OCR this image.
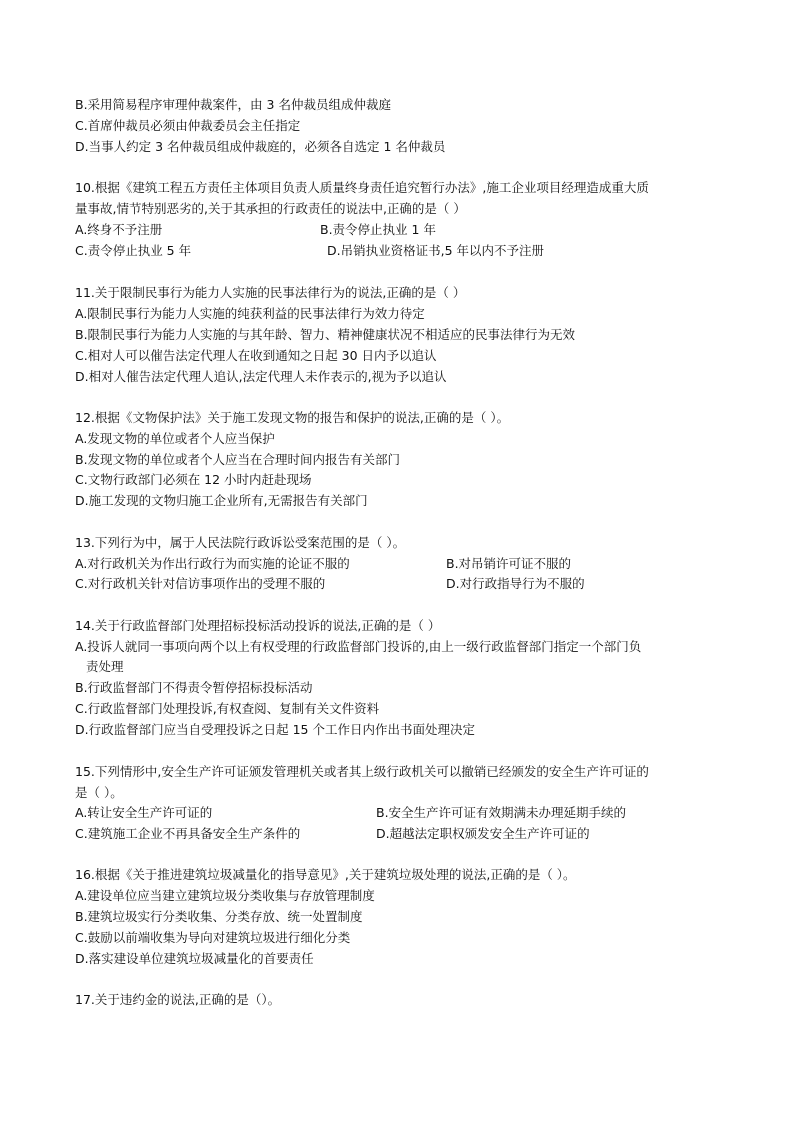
B.采用简易程序审理仲裁案件，由 3 名仲裁员组成仲裁庭
C.首席仲裁员必须由仲裁委员会主任指定
D.当事人约定 3 名仲裁员组成仲裁庭的，必须各自选定 1 名仲裁员
10.根据《建筑工程五方责任主体项目负责人质量终身责任追究暂行办法》,施工企业项目经理造成重大质
量事故,情节特别恶劣的,关于其承担的行政责任的说法中,正确的是（ ）
A.终身不予注册	B.责令停止执业 1 年
C.责令停止执业 5 年	D.吊销执业资格证书,5 年以内不予注册
11.关于限制民事行为能力人实施的民事法律行为的说法,正确的是（ ）
A.限制民事行为能力人实施的纯获利益的民事法律行为效力待定
B.限制民事行为能力人实施的与其年龄、智力、精神健康状况不相适应的民事法律行为无效
C.相对人可以催告法定代理人在收到通知之日起 30 日内予以追认
D.相对人催告法定代理人追认,法定代理人未作表示的,视为予以追认
12.根据《文物保护法》关于施工发现文物的报告和保护的说法,正确的是（ ）。
A.发现文物的单位或者个人应当保护
B.发现文物的单位或者个人应当在合理时间内报告有关部门
C.文物行政部门必须在 12 小时内赶赴现场
D.施工发现的文物归施工企业所有,无需报告有关部门
13.下列行为中，属于人民法院行政诉讼受案范围的是（ ）。
A.对行政机关为作出行政行为而实施的论证不服的	B.对吊销许可证不服的
C.对行政机关针对信访事项作出的受理不服的	D.对行政指导行为不服的
14.关于行政监督部门处理招标投标活动投诉的说法,正确的是（ ）
A.投诉人就同一事项向两个以上有权受理的行政监督部门投诉的,由上一级行政监督部门指定一个部门负
责处理
B.行政监督部门不得责令暂停招标投标活动
C.行政监督部门处理投诉,有权查阅、复制有关文件资料
D.行政监督部门应当自受理投诉之日起 15 个工作日内作出书面处理决定
15.下列情形中,安全生产许可证颁发管理机关或者其上级行政机关可以撤销已经颁发的安全生产许可证的
是（ ）。
A.转让安全生产许可证的	B.安全生产许可证有效期满未办理延期手续的
C.建筑施工企业不再具备安全生产条件的	D.超越法定职权颁发安全生产许可证的
16.根据《关于推进建筑垃圾减量化的指导意见》,关于建筑垃圾处理的说法,正确的是（ ）。
A.建设单位应当建立建筑垃圾分类收集与存放管理制度
B.建筑垃圾实行分类收集、分类存放、统一处置制度
C.鼓励以前端收集为导向对建筑垃圾进行细化分类
D.落实建设单位建筑垃圾减量化的首要责任
17.关于违约金的说法,正确的是（）。
